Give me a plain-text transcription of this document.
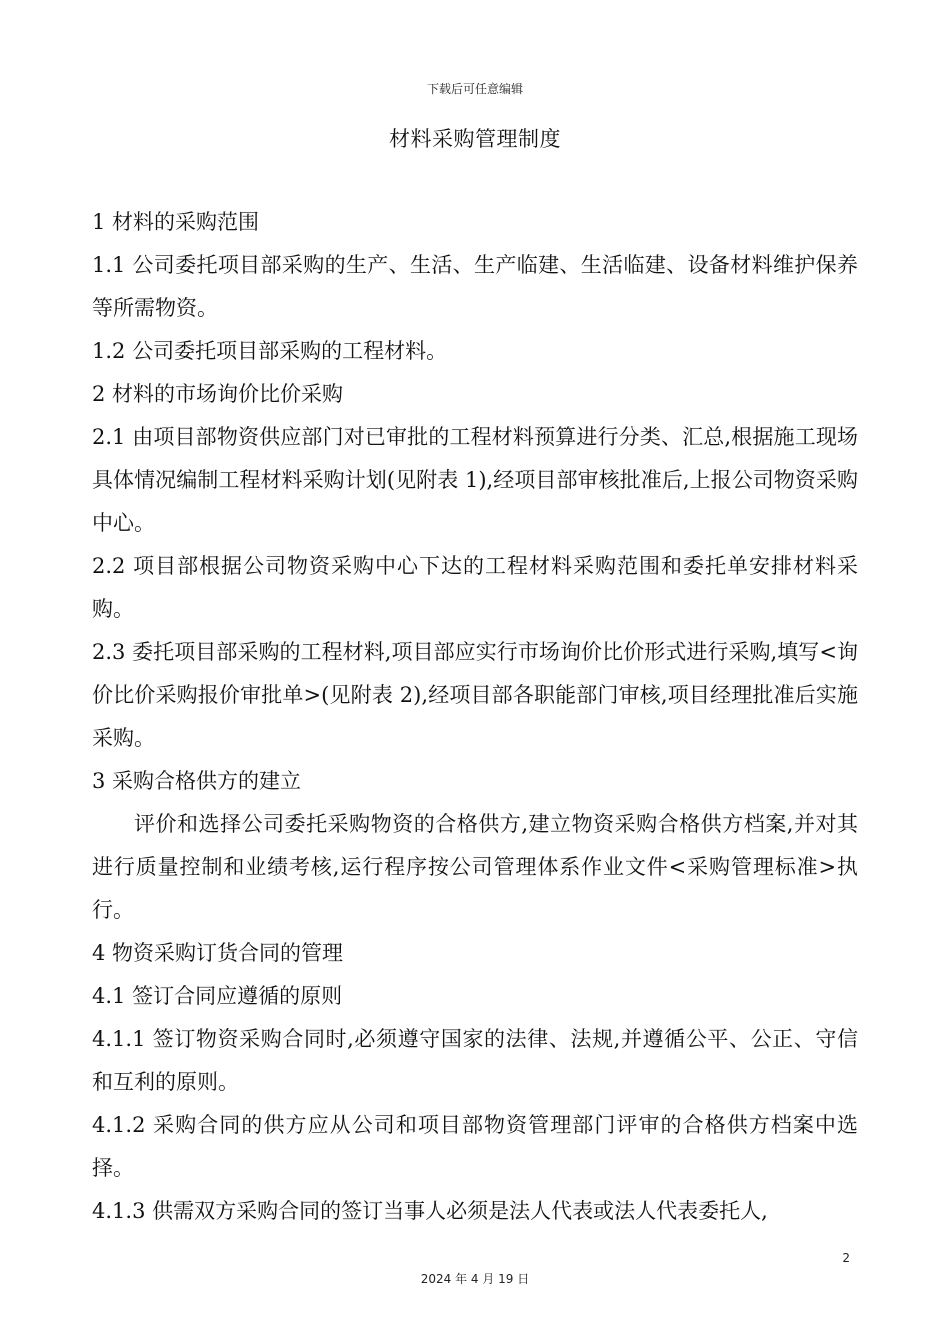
下载后可任意编辑
材料采购管理制度

1 材料的采购范围

1.1 公司委托项目部采购的生产、生活、生产临建、生活临建、设备材料维护保养等所需物资。

1.2 公司委托项目部采购的工程材料。

2 材料的市场询价比价采购

2.1 由项目部物资供应部门对已审批的工程材料预算进行分类、汇总,根据施工现场具体情况编制工程材料采购计划(见附表 1),经项目部审核批准后,上报公司物资采购中心。

2.2 项目部根据公司物资采购中心下达的工程材料采购范围和委托单安排材料采购。

2.3 委托项目部采购的工程材料,项目部应实行市场询价比价形式进行采购,填写<询价比价采购报价审批单>(见附表 2),经项目部各职能部门审核,项目经理批准后实施采购。

3 采购合格供方的建立

评价和选择公司委托采购物资的合格供方,建立物资采购合格供方档案,并对其进行质量控制和业绩考核,运行程序按公司管理体系作业文件<采购管理标准>执行。

4 物资采购订货合同的管理

4.1 签订合同应遵循的原则

4.1.1 签订物资采购合同时,必须遵守国家的法律、法规,并遵循公平、公正、守信和互利的原则。

4.1.2 采购合同的供方应从公司和项目部物资管理部门评审的合格供方档案中选择。

4.1.3 供需双方采购合同的签订当事人必须是法人代表或法人代表委托人,

2
2024 年 4 月 19 日
